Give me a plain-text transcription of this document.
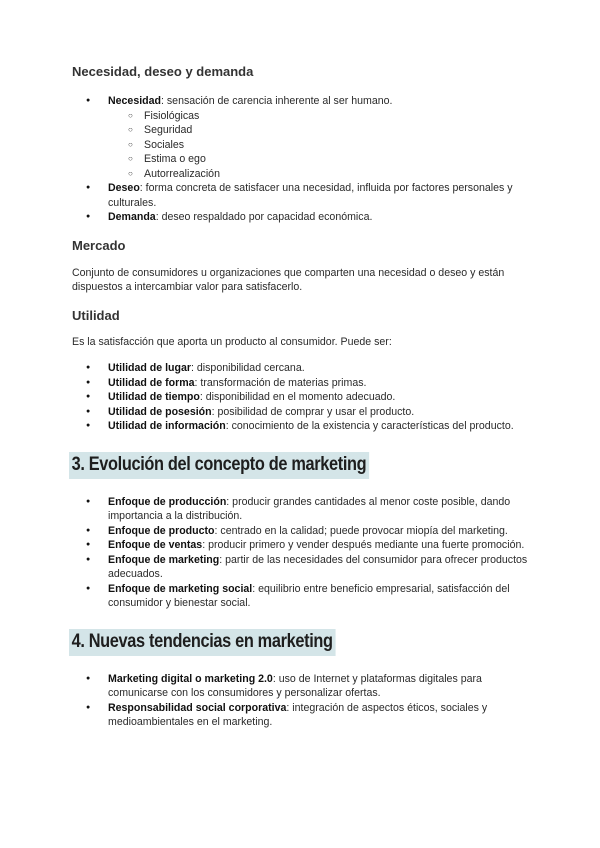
Necesidad, deseo y demanda
● Necesidad: sensación de carencia inherente al ser humano.
○ Fisiológicas
○ Seguridad
○ Sociales
○ Estima o ego
○ Autorrealización
● Deseo: forma concreta de satisfacer una necesidad, influida por factores personales y culturales.
● Demanda: deseo respaldado por capacidad económica.
Mercado

Conjunto de consumidores u organizaciones que comparten una necesidad o deseo y están dispuestos a intercambiar valor para satisfacerlo.

Utilidad

Es la satisfacción que aporta un producto al consumidor. Puede ser:

● Utilidad de lugar: disponibilidad cercana.
● Utilidad de forma: transformación de materias primas.
● Utilidad de tiempo: disponibilidad en el momento adecuado.
● Utilidad de posesión: posibilidad de comprar y usar el producto.
● Utilidad de información: conocimiento de la existencia y características del producto.
3. Evolución del concepto de marketing
● Enfoque de producción: producir grandes cantidades al menor coste posible, dando importancia a la distribución.
● Enfoque de producto: centrado en la calidad; puede provocar miopía del marketing.
● Enfoque de ventas: producir primero y vender después mediante una fuerte promoción.
● Enfoque de marketing: partir de las necesidades del consumidor para ofrecer productos adecuados.
● Enfoque de marketing social: equilibrio entre beneficio empresarial, satisfacción del consumidor y bienestar social.
4. Nuevas tendencias en marketing
● Marketing digital o marketing 2.0: uso de Internet y plataformas digitales para comunicarse con los consumidores y personalizar ofertas.
● Responsabilidad social corporativa: integración de aspectos éticos, sociales y medioambientales en el marketing.
